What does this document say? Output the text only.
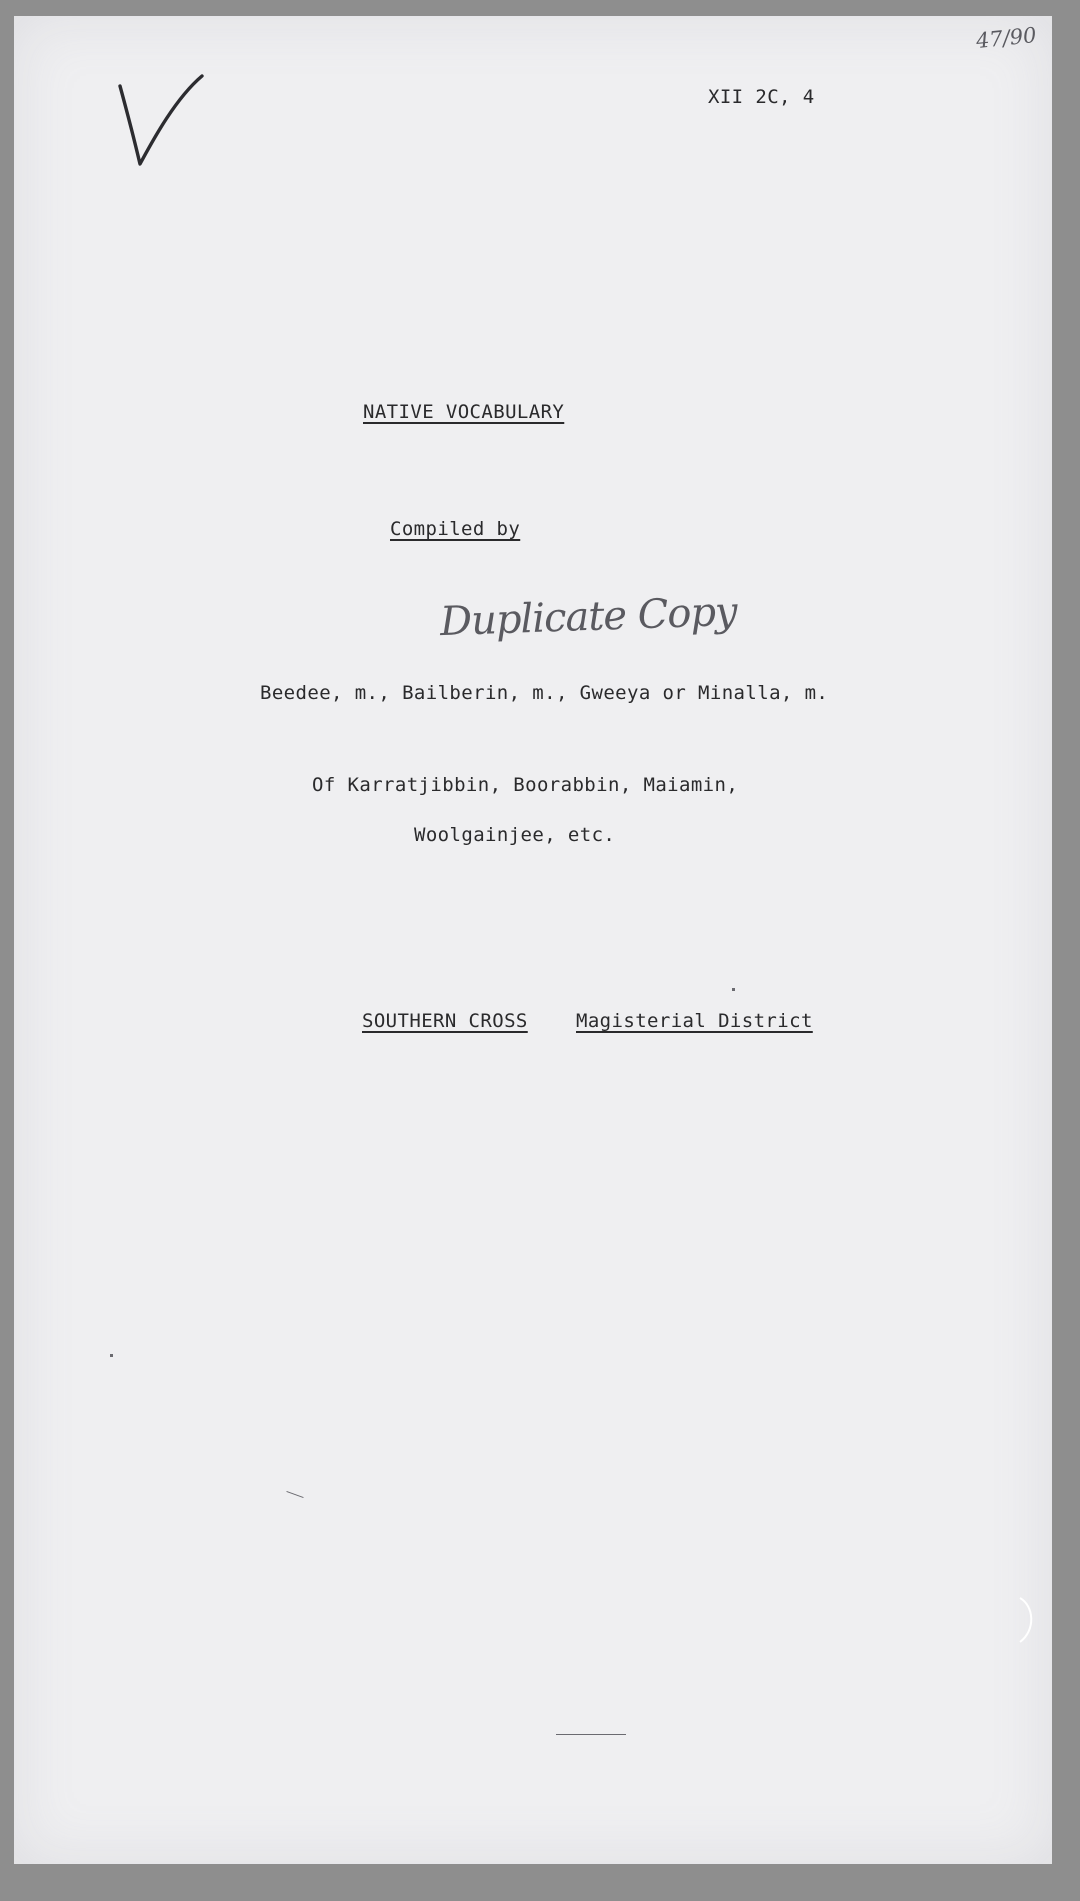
47/90
XII 2C, 4
NATIVE VOCABULARY
Compiled by
Duplicate Copy
Beedee, m., Bailberin, m., Gweeya or Minalla, m.
Of Karratjibbin, Boorabbin, Maiamin,
Woolgainjee, etc.
SOUTHERN CROSS	Magisterial District
